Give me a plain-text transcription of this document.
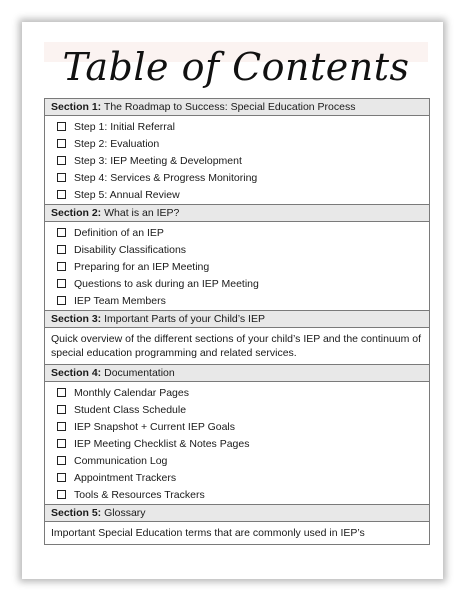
Table of Contents
Section 1: The Roadmap to Success: Special Education Process
Step 1: Initial Referral
Step 2: Evaluation
Step 3: IEP Meeting & Development
Step 4: Services & Progress Monitoring
Step 5: Annual Review
Section 2: What is an IEP?
Definition of an IEP
Disability Classifications
Preparing for an IEP Meeting
Questions to ask during an IEP Meeting
IEP Team Members
Section 3: Important Parts of your Child’s IEP
Quick overview of the different sections of your child’s IEP and the continuum of special education programming and related services.
Section 4: Documentation
Monthly Calendar Pages
Student Class Schedule
IEP Snapshot + Current IEP Goals
IEP Meeting Checklist & Notes Pages
Communication Log
Appointment Trackers
Tools & Resources Trackers
Section 5: Glossary
Important Special Education terms that are commonly used in IEP’s
